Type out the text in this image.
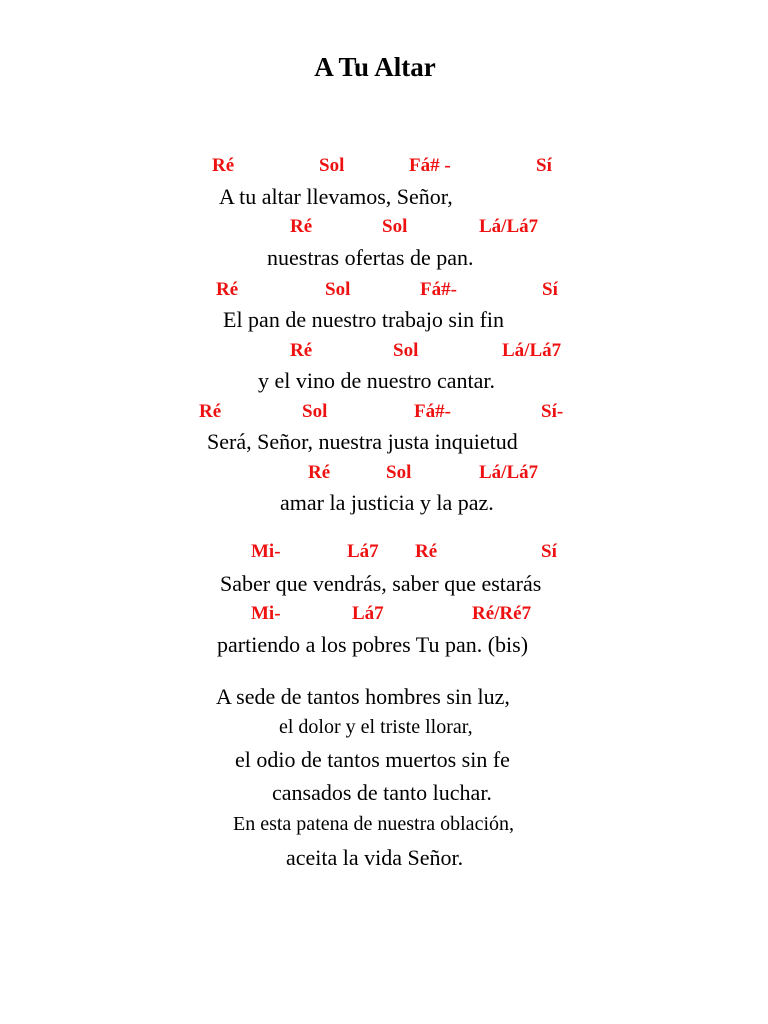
A Tu Altar
Ré	Sol	Fá# -	Sí
A tu altar llevamos, Señor,
Ré	Sol	Lá/Lá7
nuestras ofertas de pan.
Ré	Sol	Fá#-	Sí
El pan de nuestro trabajo sin fin
Ré	Sol	Lá/Lá7
y el vino de nuestro cantar.
Ré	Sol	Fá#-	Sí-
Será, Señor, nuestra justa inquietud
Ré	Sol	Lá/Lá7
amar la justicia y la paz.
Mi-	Lá7 Ré	Sí
Saber que vendrás, saber que estarás
Mi-	Lá7	Ré/Ré7
partiendo a los pobres Tu pan. (bis)
A sede de tantos hombres sin luz,
el dolor y el triste llorar,
el odio de tantos muertos sin fe
cansados de tanto luchar.
En esta patena de nuestra oblación,
aceita la vida Señor.
